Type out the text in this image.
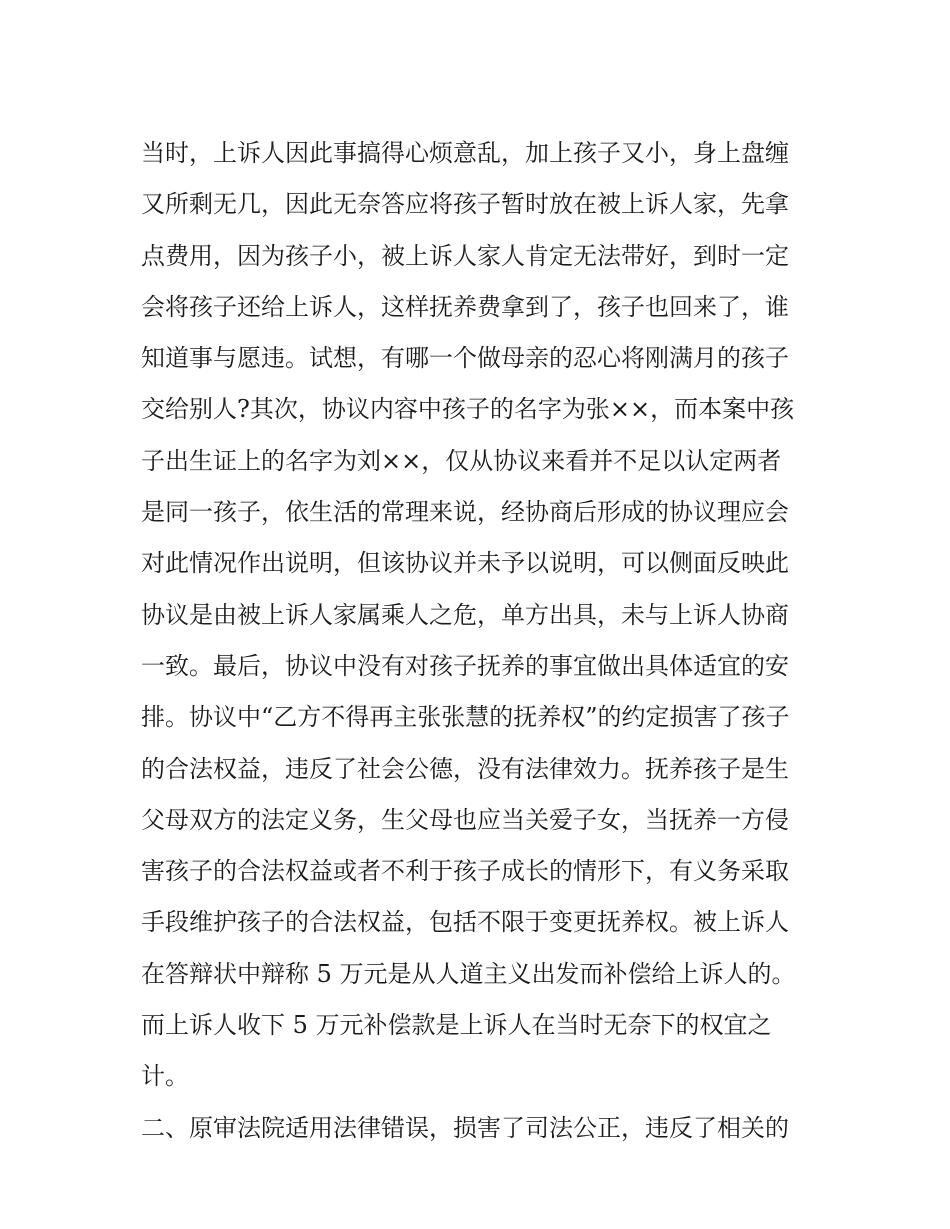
当时，上诉人因此事搞得心烦意乱，加上孩子又小，身上盘缠

又所剩无几，因此无奈答应将孩子暂时放在被上诉人家，先拿

点费用，因为孩子小，被上诉人家人肯定无法带好，到时一定

会将孩子还给上诉人，这样抚养费拿到了，孩子也回来了，谁

知道事与愿违。试想，有哪一个做母亲的忍心将刚满月的孩子

交给别人?其次，协议内容中孩子的名字为张××，而本案中孩

子出生证上的名字为刘××，仅从协议来看并不足以认定两者

是同一孩子，依生活的常理来说，经协商后形成的协议理应会

对此情况作出说明，但该协议并未予以说明，可以侧面反映此

协议是由被上诉人家属乘人之危，单方出具，未与上诉人协商

一致。最后，协议中没有对孩子抚养的事宜做出具体适宜的安

排。协议中“乙方不得再主张张慧的抚养权”的约定损害了孩子

的合法权益，违反了社会公德，没有法律效力。抚养孩子是生

父母双方的法定义务，生父母也应当关爱子女，当抚养一方侵

害孩子的合法权益或者不利于孩子成长的情形下，有义务采取

手段维护孩子的合法权益，包括不限于变更抚养权。被上诉人

在答辩状中辩称 5 万元是从人道主义出发而补偿给上诉人的。

而上诉人收下 5 万元补偿款是上诉人在当时无奈下的权宜之

计。

二、原审法院适用法律错误，损害了司法公正，违反了相关的
